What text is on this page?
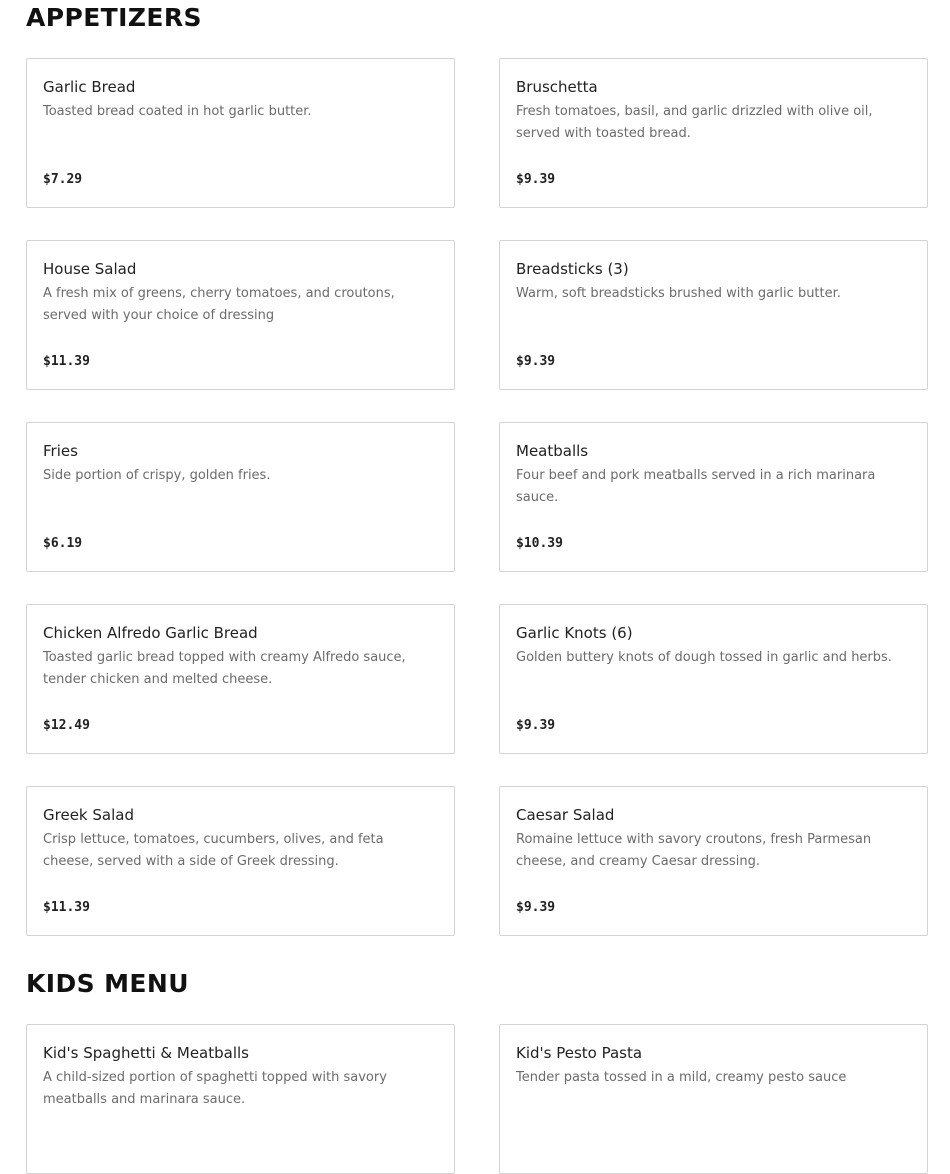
APPETIZERS

Garlic Bread

Toasted bread coated in hot garlic butter.

$7.29

Bruschetta

Fresh tomatoes, basil, and garlic drizzled with olive oil, served with toasted bread.

$9.39

House Salad

A fresh mix of greens, cherry tomatoes, and croutons, served with your choice of dressing

$11.39

Breadsticks (3)

Warm, soft breadsticks brushed with garlic butter.

$9.39

Fries

Side portion of crispy, golden fries.

$6.19

Meatballs

Four beef and pork meatballs served in a rich marinara sauce.

$10.39

Chicken Alfredo Garlic Bread

Toasted garlic bread topped with creamy Alfredo sauce, tender chicken and melted cheese.

$12.49

Garlic Knots (6)

Golden buttery knots of dough tossed in garlic and herbs.

$9.39

Greek Salad

Crisp lettuce, tomatoes, cucumbers, olives, and feta cheese, served with a side of Greek dressing.

$11.39

Caesar Salad

Romaine lettuce with savory croutons, fresh Parmesan cheese, and creamy Caesar dressing.

$9.39
KIDS MENU

Kid's Spaghetti & Meatballs

A child-sized portion of spaghetti topped with savory meatballs and marinara sauce.

Kid's Pesto Pasta

Tender pasta tossed in a mild, creamy pesto sauce
